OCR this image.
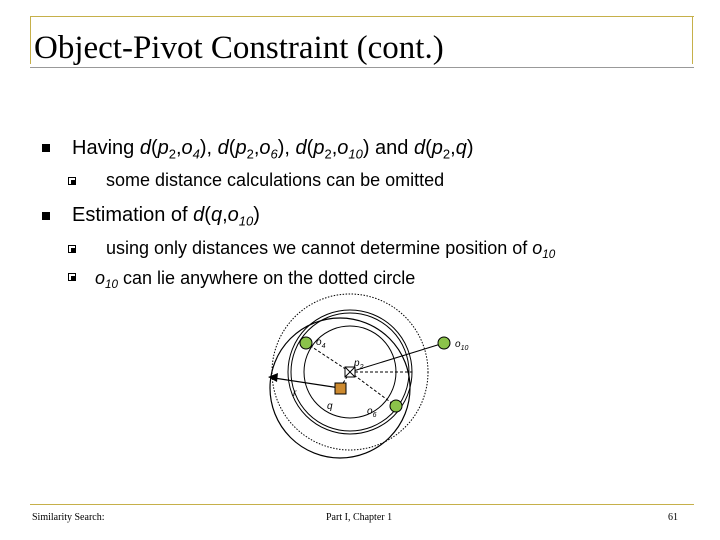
Object-Pivot Constraint (cont.)
Having $d(p_2,o_4)$, $d(p_2,o_6)$, $d(p_2,o_{10})$ and $d(p_2,q)$
some distance calculations can be omitted
Estimation of $d(q,o_{10})$
using only distances we cannot determine position of $o_{10}$
$o_{10}$ can lie anywhere on the dotted circle
$o_4$	$o_{10}$
$p_2$
r
q	$o_6$
Similarity Search:	Part I, Chapter 1	61
